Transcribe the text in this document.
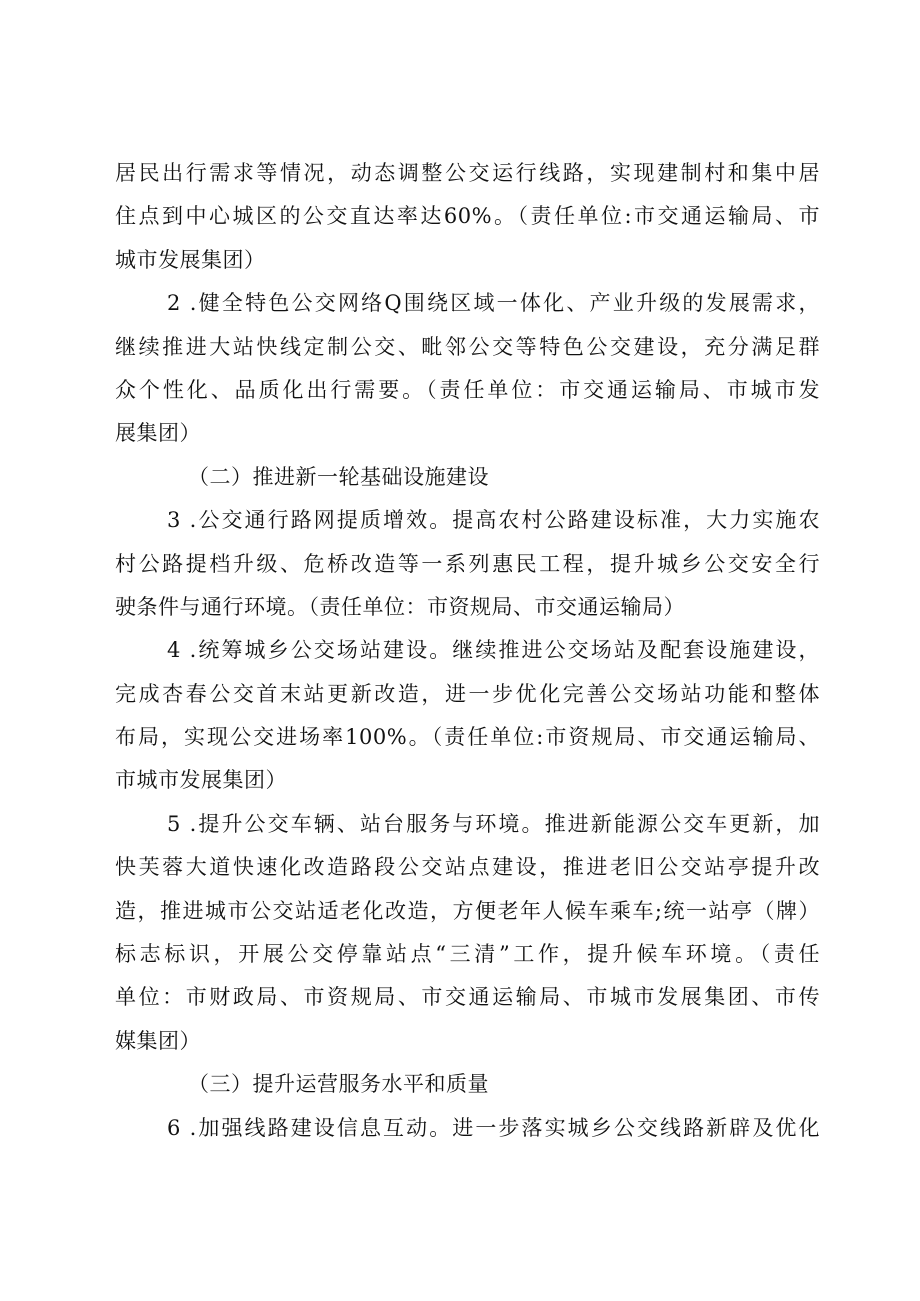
居民出行需求等情况，动态调整公交运行线路，实现建制村和集中居
住点到中心城区的公交直达率达60%。（责任单位:市交通运输局、市
城市发展集团）
2 .健全特色公交网络Q围绕区域一体化、产业升级的发展需求，
继续推进大站快线定制公交、毗邻公交等特色公交建设，充分满足群
众个性化、品质化出行需要。（责任单位：市交通运输局、市城市发
展集团）
（二）推进新一轮基础设施建设
3 .公交通行路网提质增效。提高农村公路建设标准，大力实施农
村公路提档升级、危桥改造等一系列惠民工程，提升城乡公交安全行
驶条件与通行环境。（责任单位：市资规局、市交通运输局）
4 .统筹城乡公交场站建设。继续推进公交场站及配套设施建设，
完成杏春公交首末站更新改造，进一步优化完善公交场站功能和整体
布局，实现公交进场率100%。（责任单位:市资规局、市交通运输局、
市城市发展集团）
5 .提升公交车辆、站台服务与环境。推进新能源公交车更新，加
快芙蓉大道快速化改造路段公交站点建设，推进老旧公交站亭提升改
造，推进城市公交站适老化改造，方便老年人候车乘车;统一站亭（牌）
标志标识，开展公交停靠站点“三清”工作，提升候车环境。（责任
单位：市财政局、市资规局、市交通运输局、市城市发展集团、市传
媒集团）
（三）提升运营服务水平和质量
6 .加强线路建设信息互动。进一步落实城乡公交线路新辟及优化
